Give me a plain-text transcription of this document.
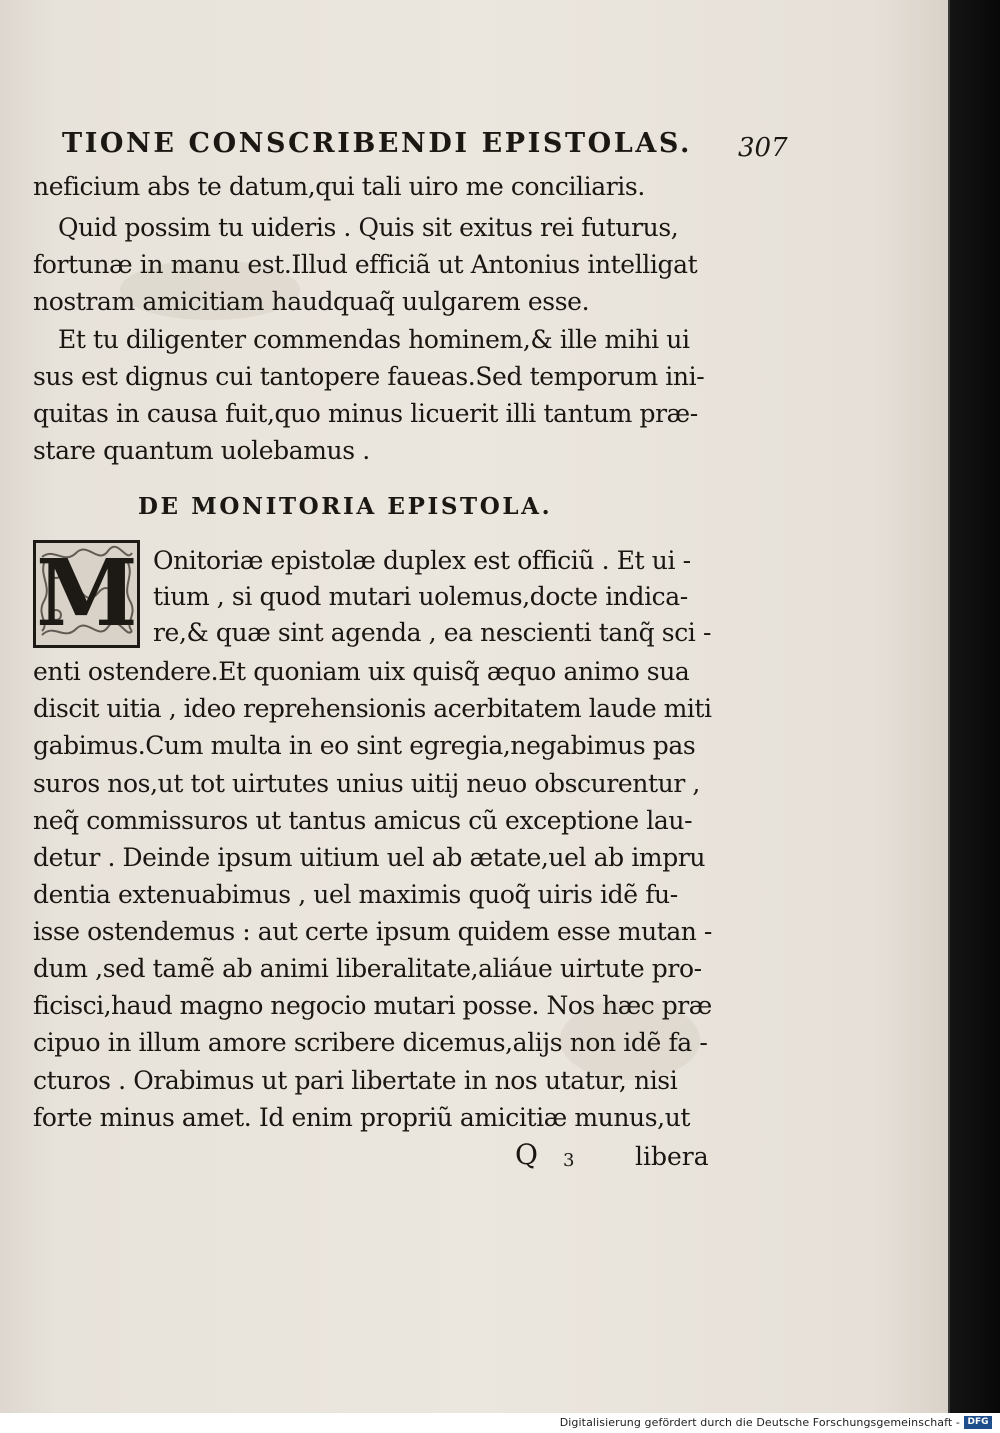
TIONE CONSCRIBENDI EPISTOLAS. 307
neficium abs te datum,qui tali uiro me conciliaris.
Quid possim tu uideris . Quis sit exitus rei futurus,
fortunæ in manu est.Illud efficiã ut Antonius intelligat
nostram amicitiam haudquaq̃ uulgarem esse.
Et tu diligenter commendas hominem,& ille mihi ui
sus est dignus cui tantopere faueas.Sed temporum ini-
quitas in causa fuit,quo minus licuerit illi tantum præ-
stare quantum uolebamus .
DE MONITORIA EPISTOLA.
M Onitoriæ epistolæ duplex est officiũ . Et ui -
tium , si quod mutari uolemus,docte indica-
re,& quæ sint agenda , ea nescienti tanq̃ sci -
enti ostendere.Et quoniam uix quisq̃ æquo animo sua
discit uitia , ideo reprehensionis acerbitatem laude miti
gabimus.Cum multa in eo sint egregia,negabimus pas
suros nos,ut tot uirtutes unius uitij neuo obscurentur ,
neq̃ commissuros ut tantus amicus cũ exceptione lau-
detur . Deinde ipsum uitium uel ab ætate,uel ab impru
dentia extenuabimus , uel maximis quoq̃ uiris idẽ fu-
isse ostendemus : aut certe ipsum quidem esse mutan -
dum ,sed tamẽ ab animi liberalitate,aliáue uirtute pro-
ficisci,haud magno negocio mutari posse. Nos hæc præ
cipuo in illum amore scribere dicemus,alijs non idẽ fa -
cturos . Orabimus ut pari libertate in nos utatur, nisi
forte minus amet. Id enim propriũ amicitiæ munus,ut
Q 3 libera
Digitalisierung gefördert durch die Deutsche Forschungsgemeinschaft - DFG
